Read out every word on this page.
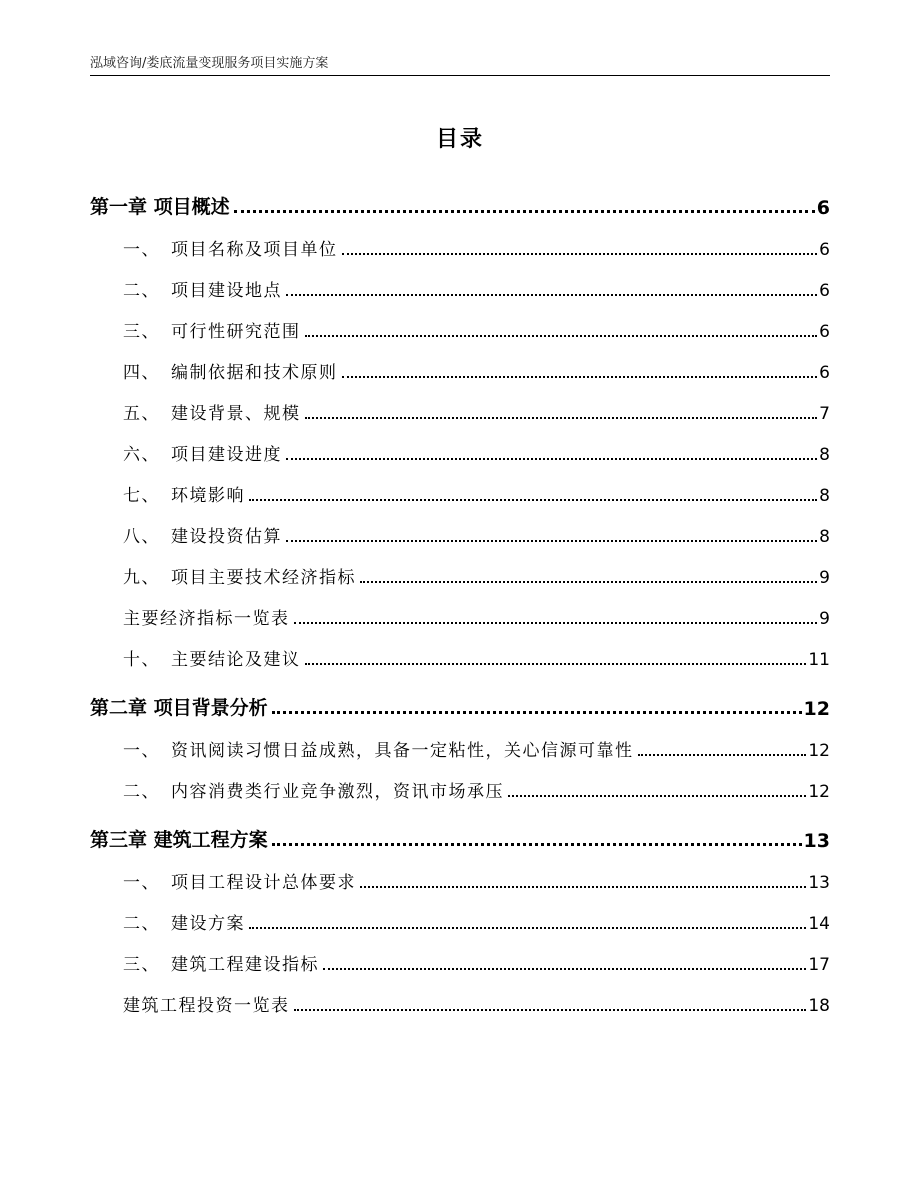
泓域咨询/娄底流量变现服务项目实施方案
目录
第一章 项目概述	6
一、 项目名称及项目单位	6
二、 项目建设地点	6
三、 可行性研究范围	6
四、 编制依据和技术原则	6
五、 建设背景、规模	7
六、 项目建设进度	8
七、 环境影响	8
八、 建设投资估算	8
九、 项目主要技术经济指标	9
主要经济指标一览表	9
十、 主要结论及建议	11
第二章 项目背景分析	12
一、 资讯阅读习惯日益成熟，具备一定粘性，关心信源可靠性	12
二、 内容消费类行业竞争激烈，资讯市场承压	12
第三章 建筑工程方案	13
一、 项目工程设计总体要求	13
二、 建设方案	14
三、 建筑工程建设指标	17
建筑工程投资一览表	18
